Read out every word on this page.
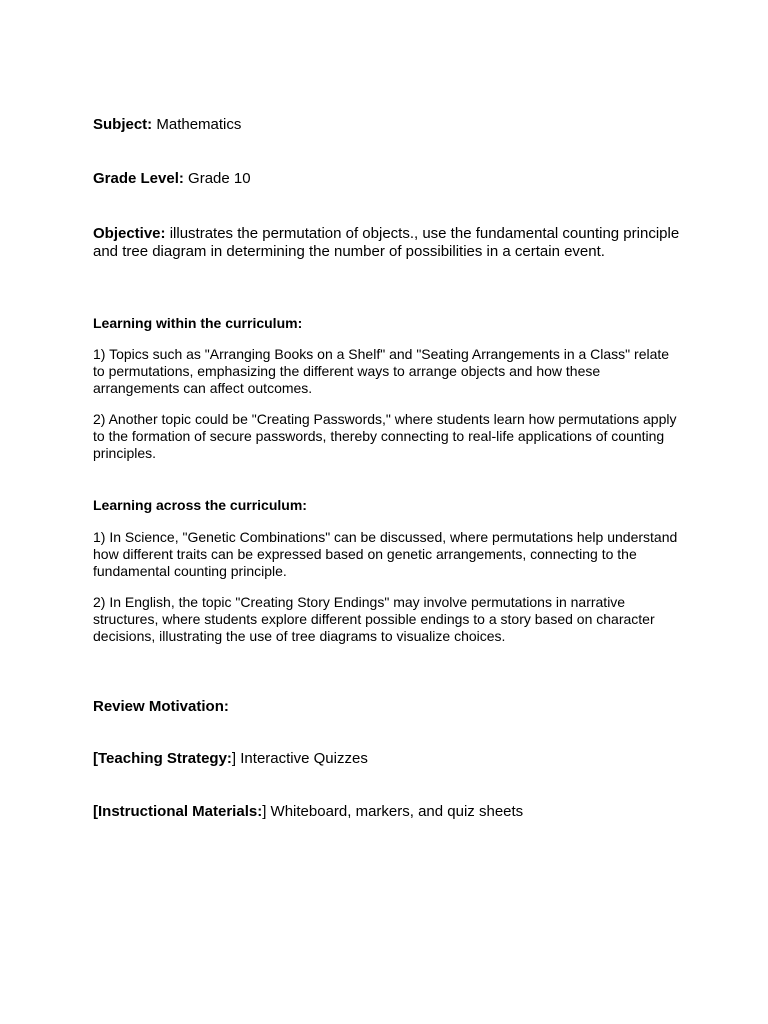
Subject: Mathematics
Grade Level: Grade 10
Objective: illustrates the permutation of objects., use the fundamental counting principle and tree diagram in determining the number of possibilities in a certain event.
Learning within the curriculum:
1) Topics such as "Arranging Books on a Shelf" and "Seating Arrangements in a Class" relate to permutations, emphasizing the different ways to arrange objects and how these arrangements can affect outcomes.
2) Another topic could be "Creating Passwords," where students learn how permutations apply to the formation of secure passwords, thereby connecting to real-life applications of counting principles.
Learning across the curriculum:
1) In Science, "Genetic Combinations" can be discussed, where permutations help understand how different traits can be expressed based on genetic arrangements, connecting to the fundamental counting principle.
2) In English, the topic "Creating Story Endings" may involve permutations in narrative structures, where students explore different possible endings to a story based on character decisions, illustrating the use of tree diagrams to visualize choices.
Review Motivation:
[Teaching Strategy:] Interactive Quizzes
[Instructional Materials:] Whiteboard, markers, and quiz sheets
